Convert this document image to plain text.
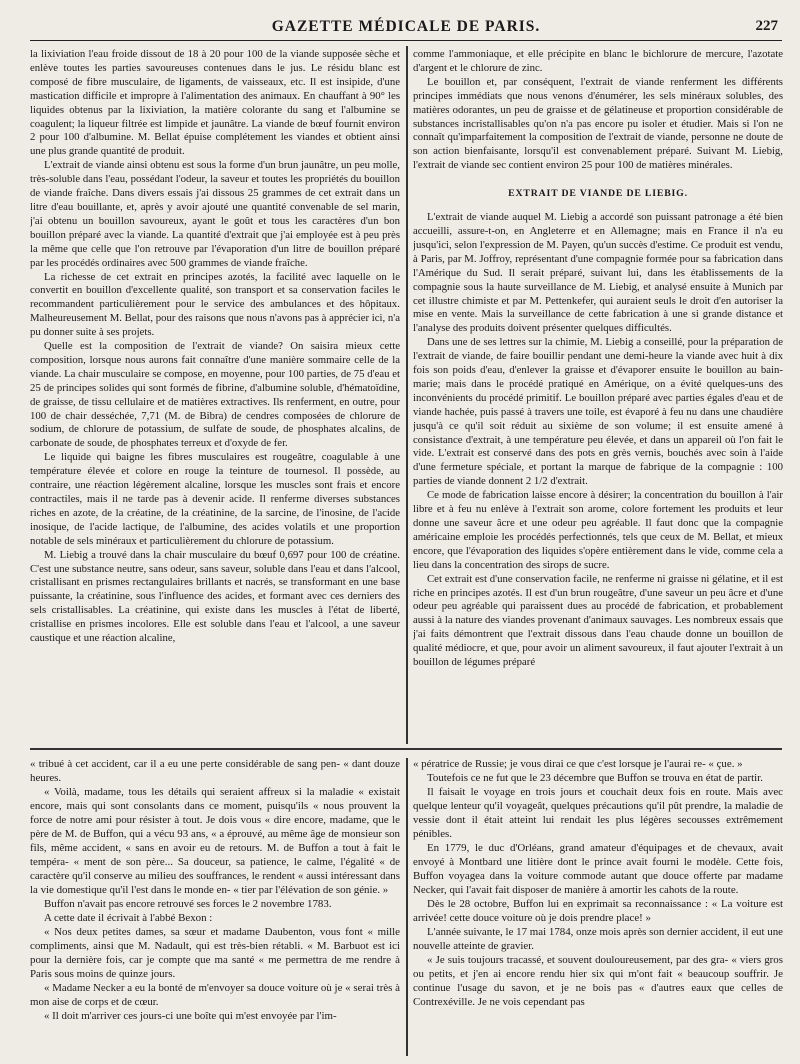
GAZETTE MÉDICALE DE PARIS.	227

la lixiviation l'eau froide dissout de 18 à 20 pour 100 de la viande supposée sèche et enlève toutes les parties savoureuses contenues dans le jus. Le résidu blanc est composé de fibre musculaire, de ligaments, de vaisseaux, etc. Il est insipide, d'une mastication difficile et impropre à l'alimentation des animaux. En chauffant à 90° les liquides obtenus par la lixiviation, la matière colorante du sang et l'albumine se coagulent; la liqueur filtrée est limpide et jaunâtre. La viande de bœuf fournit environ 2 pour 100 d'albumine. M. Bellat épuise complétement les viandes et obtient ainsi une plus grande quantité de produit.

L'extrait de viande ainsi obtenu est sous la forme d'un brun jaunâtre, un peu molle, très-soluble dans l'eau, possédant l'odeur, la saveur et toutes les propriétés du bouillon de viande fraîche. Dans divers essais j'ai dissous 25 grammes de cet extrait dans un litre d'eau bouillante, et, après y avoir ajouté une quantité convenable de sel marin, j'ai obtenu un bouillon savoureux, ayant le goût et tous les caractères d'un bon bouillon préparé avec la viande. La quantité d'extrait que j'ai employée est à peu près la même que celle que l'on retrouve par l'évaporation d'un litre de bouillon préparé par les procédés ordinaires avec 500 grammes de viande fraîche.

La richesse de cet extrait en principes azotés, la facilité avec laquelle on le convertit en bouillon d'excellente qualité, son transport et sa conservation faciles le recommandent particulièrement pour le service des ambulances et des hôpitaux. Malheureusement M. Bellat, pour des raisons que nous n'avons pas à apprécier ici, n'a pu donner suite à ses projets.

Quelle est la composition de l'extrait de viande? On saisira mieux cette composition, lorsque nous aurons fait connaître d'une manière sommaire celle de la viande. La chair musculaire se compose, en moyenne, pour 100 parties, de 75 d'eau et 25 de principes solides qui sont formés de fibrine, d'albumine soluble, d'hématoïdine, de graisse, de tissu cellulaire et de matières extractives. Ils renferment, en outre, pour 100 de chair desséchée, 7,71 (M. de Bibra) de cendres composées de chlorure de sodium, de chlorure de potassium, de sulfate de soude, de phosphates alcalins, de carbonate de soude, de phosphates terreux et d'oxyde de fer.

Le liquide qui baigne les fibres musculaires est rougeâtre, coagulable à une température élevée et colore en rouge la teinture de tournesol. Il possède, au contraire, une réaction légèrement alcaline, lorsque les muscles sont frais et encore contractiles, mais il ne tarde pas à devenir acide. Il renferme diverses substances riches en azote, de la créatine, de la créatinine, de la sarcine, de l'inosine, de l'acide inosique, de l'acide lactique, de l'albumine, des acides volatils et une proportion notable de sels minéraux et particulièrement du chlorure de potassium.

M. Liebig a trouvé dans la chair musculaire du bœuf 0,697 pour 100 de créatine. C'est une substance neutre, sans odeur, sans saveur, soluble dans l'eau et dans l'alcool, cristallisant en prismes rectangulaires brillants et nacrés, se transformant en une base puissante, la créatinine, sous l'influence des acides, et formant avec ces derniers des sels cristallisables. La créatinine, qui existe dans les muscles à l'état de liberté, cristallise en prismes incolores. Elle est soluble dans l'eau et l'alcool, a une saveur caustique et une réaction alcaline,

comme l'ammoniaque, et elle précipite en blanc le bichlorure de mercure, l'azotate d'argent et le chlorure de zinc.

Le bouillon et, par conséquent, l'extrait de viande renferment les différents principes immédiats que nous venons d'énumérer, les sels minéraux solubles, des matières odorantes, un peu de graisse et de gélatineuse et proportion considérable de substances incristallisables qu'on n'a pas encore pu isoler et étudier. Mais si l'on ne connaît qu'imparfaitement la composition de l'extrait de viande, personne ne doute de son action bienfaisante, lorsqu'il est convenablement préparé. Suivant M. Liebig, l'extrait de viande sec contient environ 25 pour 100 de matières minérales.

EXTRAIT DE VIANDE DE LIEBIG.

L'extrait de viande auquel M. Liebig a accordé son puissant patronage a été bien accueilli, assure-t-on, en Angleterre et en Allemagne; mais en France il n'a eu jusqu'ici, selon l'expression de M. Payen, qu'un succès d'estime. Ce produit est vendu, à Paris, par M. Joffroy, représentant d'une compagnie formée pour sa fabrication dans l'Amérique du Sud. Il serait préparé, suivant lui, dans les établissements de la compagnie sous la haute surveillance de M. Liebig, et analysé ensuite à Munich par cet illustre chimiste et par M. Pettenkefer, qui auraient seuls le droit d'en autoriser la mise en vente. Mais la surveillance de cette fabrication à une si grande distance et l'analyse des produits doivent présenter quelques difficultés.

Dans une de ses lettres sur la chimie, M. Liebig a conseillé, pour la préparation de l'extrait de viande, de faire bouillir pendant une demi-heure la viande avec huit à dix fois son poids d'eau, d'enlever la graisse et d'évaporer ensuite le bouillon au bain-marie; mais dans le procédé pratiqué en Amérique, on a évité quelques-uns des inconvénients du procédé primitif. Le bouillon préparé avec parties égales d'eau et de viande hachée, puis passé à travers une toile, est évaporé à feu nu dans une chaudière jusqu'à ce qu'il soit réduit au sixième de son volume; il est ensuite amené à consistance d'extrait, à une température peu élevée, et dans un appareil où l'on fait le vide. L'extrait est conservé dans des pots en grès vernis, bouchés avec soin à l'aide d'une fermeture spéciale, et portant la marque de fabrique de la compagnie : 100 parties de viande donnent 2 1/2 d'extrait.

Ce mode de fabrication laisse encore à désirer; la concentration du bouillon à l'air libre et à feu nu enlève à l'extrait son arome, colore fortement les produits et leur donne une saveur âcre et une odeur peu agréable. Il faut donc que la compagnie américaine emploie les procédés perfectionnés, tels que ceux de M. Bellat, et mieux encore, que l'évaporation des liquides s'opère entièrement dans le vide, comme cela a lieu dans la concentration des sirops de sucre.

Cet extrait est d'une conservation facile, ne renferme ni graisse ni gélatine, et il est riche en principes azotés. Il est d'un brun rougeâtre, d'une saveur un peu âcre et d'une odeur peu agréable qui paraissent dues au procédé de fabrication, et probablement aussi à la nature des viandes provenant d'animaux sauvages. Les nombreux essais que j'ai faits démontrent que l'extrait dissous dans l'eau chaude donne un bouillon de qualité médiocre, et que, pour avoir un aliment savoureux, il faut ajouter l'extrait à un bouillon de légumes préparé

« tribué à cet accident, car il a eu une perte considérable de sang pen- « dant douze heures.

« Voilà, madame, tous les détails qui seraient affreux si la maladie « existait encore, mais qui sont consolants dans ce moment, puisqu'ils « nous prouvent la force de notre ami pour résister à tout. Je dois vous « dire encore, madame, que le père de M. de Buffon, qui a vécu 93 ans, « a éprouvé, au même âge de monsieur son fils, même accident, « sans en avoir eu de retours. M. de Buffon a tout à fait le tempéra- « ment de son père... Sa douceur, sa patience, le calme, l'égalité « de caractère qu'il conserve au milieu des souffrances, le rendent « aussi intéressant dans la vie domestique qu'il l'est dans le monde en- « tier par l'élévation de son génie. »

Buffon n'avait pas encore retrouvé ses forces le 2 novembre 1783.

A cette date il écrivait à l'abbé Bexon :

« Nos deux petites dames, sa sœur et madame Daubenton, vous font « mille compliments, ainsi que M. Nadault, qui est très-bien rétabli. « M. Barbuot est ici pour la dernière fois, car je compte que ma santé « me permettra de me rendre à Paris sous moins de quinze jours.

« Madame Necker a eu la bonté de m'envoyer sa douce voiture où je « serai très à mon aise de corps et de cœur.

« Il doit m'arriver ces jours-ci une boîte qui m'est envoyée par l'im-

« pératrice de Russie; je vous dirai ce que c'est lorsque je l'aurai re- « çue. »

Toutefois ce ne fut que le 23 décembre que Buffon se trouva en état de partir.

Il faisait le voyage en trois jours et couchait deux fois en route. Mais avec quelque lenteur qu'il voyageât, quelques précautions qu'il pût prendre, la maladie de vessie dont il était atteint lui rendait les plus légères secousses extrêmement pénibles.

En 1779, le duc d'Orléans, grand amateur d'équipages et de chevaux, avait envoyé à Montbard une litière dont le prince avait fourni le modèle. Cette fois, Buffon voyagea dans la voiture commode autant que douce offerte par madame Necker, qui l'avait fait disposer de manière à amortir les cahots de la route.

Dès le 28 octobre, Buffon lui en exprimait sa reconnaissance : « La voiture est arrivée! cette douce voiture où je dois prendre place! »

L'année suivante, le 17 mai 1784, onze mois après son dernier accident, il eut une nouvelle atteinte de gravier.

« Je suis toujours tracassé, et souvent douloureusement, par des gra- « viers gros ou petits, et j'en ai encore rendu hier six qui m'ont fait « beaucoup souffrir. Je continue l'usage du savon, et je ne bois pas « d'autres eaux que celles de Contrexéville. Je ne vois cependant pas
